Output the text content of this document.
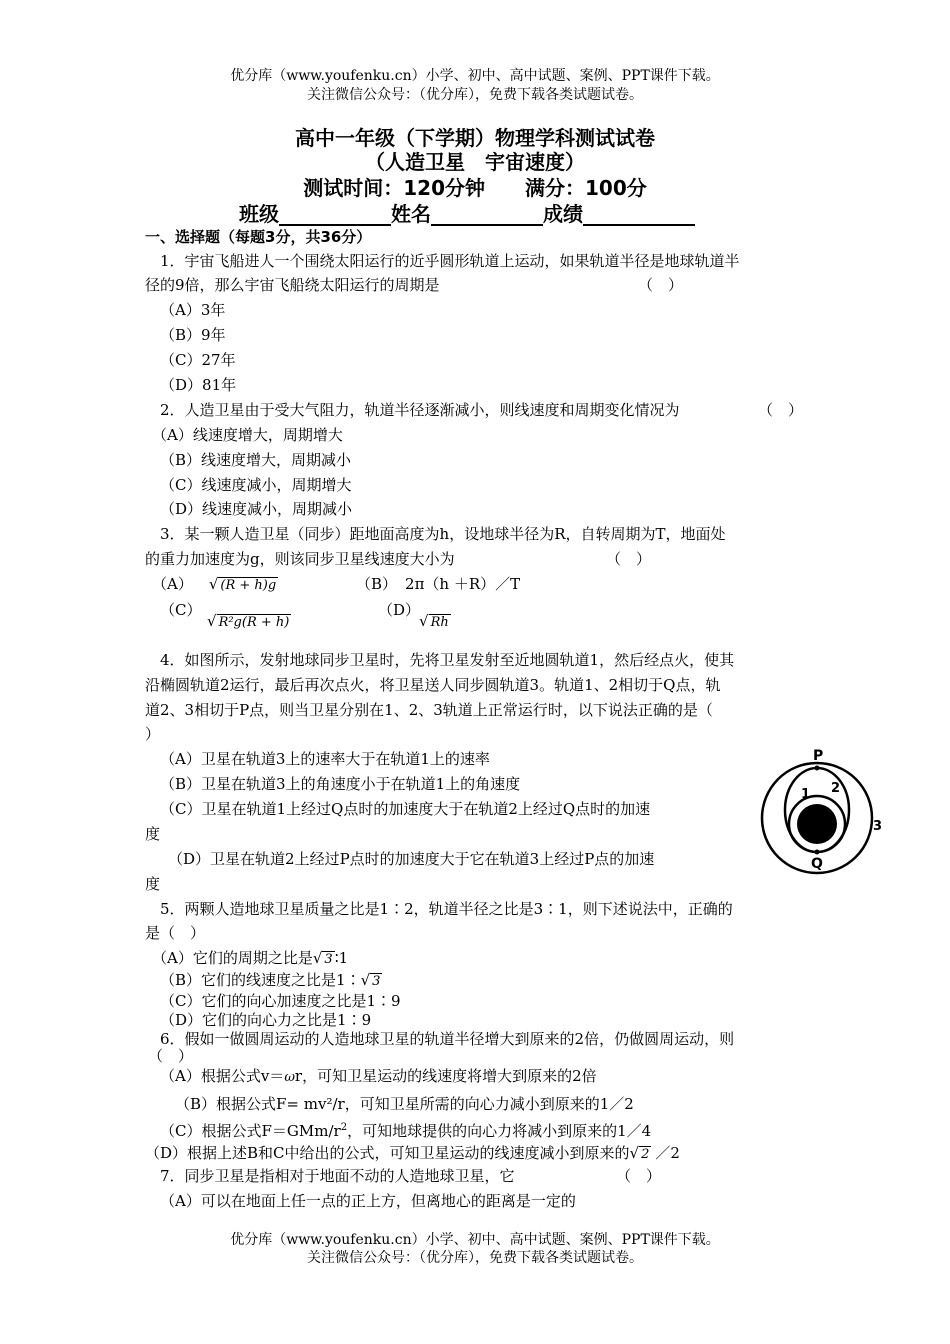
优分库（www.youfenku.cn）小学、初中、高中试题、案例、PPT课件下载。
关注微信公众号：（优分库），免费下载各类试题试卷。
高中一年级（下学期）物理学科测试试卷
（人造卫星　宇宙速度）
测试时间：120分钟　　满分：100分
班级	姓名	成绩
一、选择题（每题3分，共36分）
1．宇宙飞船进人一个围绕太阳运行的近乎圆形轨道上运动，如果轨道半径是地球轨道半
径的9倍，那么宇宙飞船绕太阳运行的周期是	（　）
（A）3年
（B）9年
（C）27年
（D）81年
2．人造卫星由于受大气阻力，轨道半径逐渐减小，则线速度和周期变化情况为	（　）
（A）线速度增大，周期增大
（B）线速度增大，周期减小
（C）线速度减小，周期增大
（D）线速度减小，周期减小
3．某一颗人造卫星（同步）距地面高度为h，设地球半径为R，自转周期为T，地面处
的重力加速度为g，则该同步卫星线速度大小为	（　）
（A） √ (R + h)g	（B） 2π（h ＋R）／T
（C）
√ R²g(R + h)
（D）
√ Rh
4．如图所示，发射地球同步卫星时，先将卫星发射至近地圆轨道1，然后经点火，使其
沿椭圆轨道2运行，最后再次点火，将卫星送人同步圆轨道3。轨道1、2相切于Q点，轨
道2、3相切于P点，则当卫星分别在1、2、3轨道上正常运行时，以下说法正确的是（
）
（A）卫星在轨道3上的速率大于在轨道1上的速率
（B）卫星在轨道3上的角速度小于在轨道1上的角速度
（C）卫星在轨道1上经过Q点时的加速度大于在轨道2上经过Q点时的加速
度
（D）卫星在轨道2上经过P点时的加速度大于它在轨道3上经过P点的加速
度
P
Q
1 2
3
5．两颗人造地球卫星质量之比是1∶2，轨道半径之比是3∶1，则下述说法中，正确的
是（　）
（A）它们的周期之比是√ 3 ∶1
（B）它们的线速度之比是1∶√ 3
（C）它们的向心加速度之比是1∶9
（D）它们的向心力之比是1∶9
6．假如一做圆周运动的人造地球卫星的轨道半径增大到原来的2倍，仍做圆周运动，则
（　）
（A）根据公式v＝ωr，可知卫星运动的线速度将增大到原来的2倍
（B）根据公式F= mv²/r，可知卫星所需的向心力减小到原来的1／2
（C）根据公式$F=GMm/r^2$，可知地球提供的向心力将减小到原来的1／4
（D）根据上述B和C中给出的公式，可知卫星运动的线速度减小到原来的√ 2 ／2
7．同步卫星是指相对于地面不动的人造地球卫星，它	（　）
（A）可以在地面上任一点的正上方，但离地心的距离是一定的
优分库（www.youfenku.cn）小学、初中、高中试题、案例、PPT课件下载。
关注微信公众号：（优分库），免费下载各类试题试卷。
